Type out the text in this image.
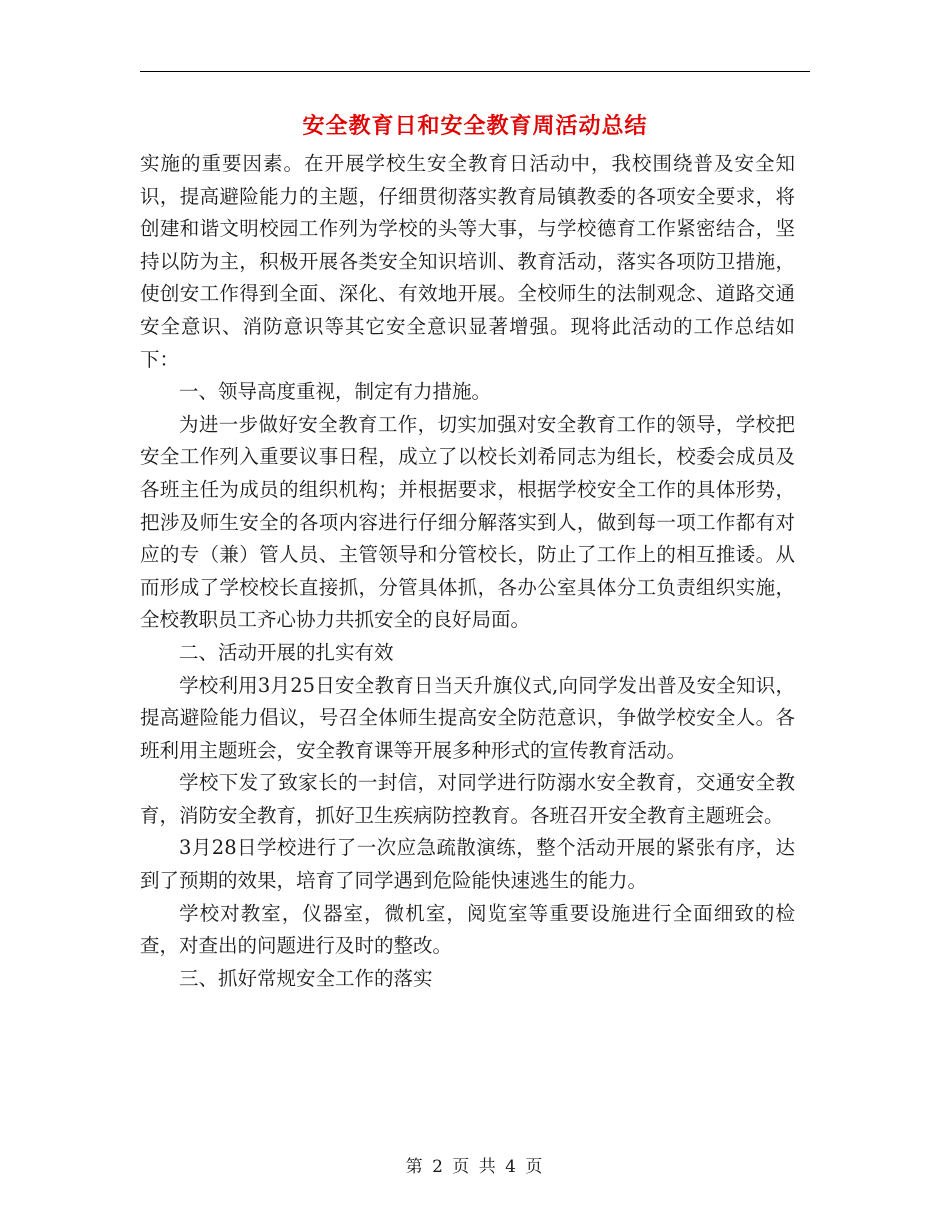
安全教育日和安全教育周活动总结

实施的重要因素。在开展学校生安全教育日活动中，我校围绕普及安全知识，提高避险能力的主题，仔细贯彻落实教育局镇教委的各项安全要求，将创建和谐文明校园工作列为学校的头等大事，与学校德育工作紧密结合，坚持以防为主，积极开展各类安全知识培训、教育活动，落实各项防卫措施，使创安工作得到全面、深化、有效地开展。全校师生的法制观念、道路交通安全意识、消防意识等其它安全意识显著增强。现将此活动的工作总结如下：

一、领导高度重视，制定有力措施。

为进一步做好安全教育工作，切实加强对安全教育工作的领导，学校把安全工作列入重要议事日程，成立了以校长刘希同志为组长，校委会成员及各班主任为成员的组织机构；并根据要求，根据学校安全工作的具体形势，把涉及师生安全的各项内容进行仔细分解落实到人，做到每一项工作都有对应的专（兼）管人员、主管领导和分管校长，防止了工作上的相互推诿。从而形成了学校校长直接抓，分管具体抓，各办公室具体分工负责组织实施，全校教职员工齐心协力共抓安全的良好局面。

二、活动开展的扎实有效

学校利用3月25日安全教育日当天升旗仪式,向同学发出普及安全知识，提高避险能力倡议，号召全体师生提高安全防范意识，争做学校安全人。各班利用主题班会，安全教育课等开展多种形式的宣传教育活动。

学校下发了致家长的一封信，对同学进行防溺水安全教育，交通安全教育，消防安全教育，抓好卫生疾病防控教育。各班召开安全教育主题班会。

3月28日学校进行了一次应急疏散演练，整个活动开展的紧张有序，达到了预期的效果，培育了同学遇到危险能快速逃生的能力。

学校对教室，仪器室，微机室，阅览室等重要设施进行全面细致的检查，对查出的问题进行及时的整改。

三、抓好常规安全工作的落实

第 2 页 共 4 页
